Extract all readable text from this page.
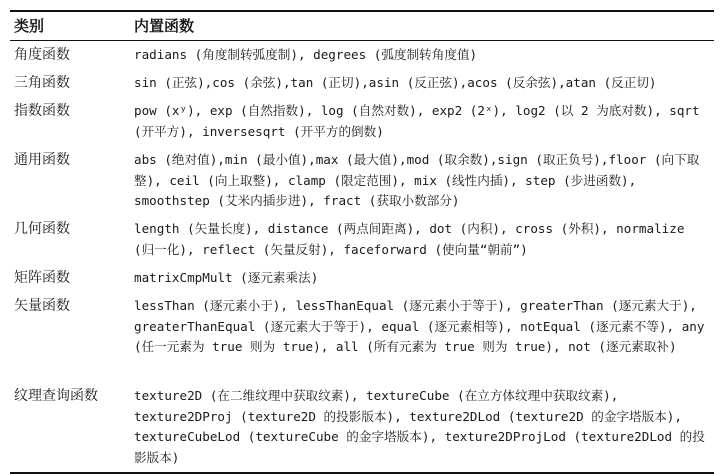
类别	内置函数
角度函数	radians (角度制转弧度制), degrees (弧度制转角度值)
三角函数	sin (正弦),cos (余弦),tan (正切),asin (反正弦),acos (反余弦),atan (反正切)
指数函数	pow (xʸ), exp (自然指数), log (自然对数), exp2 (2ˣ), log2 (以 2 为底对数), sqrt (开平方), inversesqrt (开平方的倒数)
通用函数	abs (绝对值),min (最小值),max (最大值),mod (取余数),sign (取正负号),floor (向下取整), ceil (向上取整), clamp (限定范围), mix (线性内插), step (步进函数), smoothstep (艾米内插步进), fract (获取小数部分)
几何函数	length (矢量长度), distance (两点间距离), dot (内积), cross (外积), normalize (归一化), reflect (矢量反射), faceforward (使向量“朝前”)
矩阵函数	matrixCmpMult (逐元素乘法)
矢量函数	lessThan (逐元素小于), lessThanEqual (逐元素小于等于), greaterThan (逐元素大于), greaterThanEqual (逐元素大于等于), equal (逐元素相等), notEqual (逐元素不等), any (任一元素为 true 则为 true), all (所有元素为 true 则为 true), not (逐元素取补)
纹理查询函数	texture2D (在二维纹理中获取纹素), textureCube (在立方体纹理中获取纹素), texture2DProj (texture2D 的投影版本), texture2DLod (texture2D 的金字塔版本), textureCubeLod (textureCube 的金字塔版本), texture2DProjLod (texture2DLod 的投影版本)
